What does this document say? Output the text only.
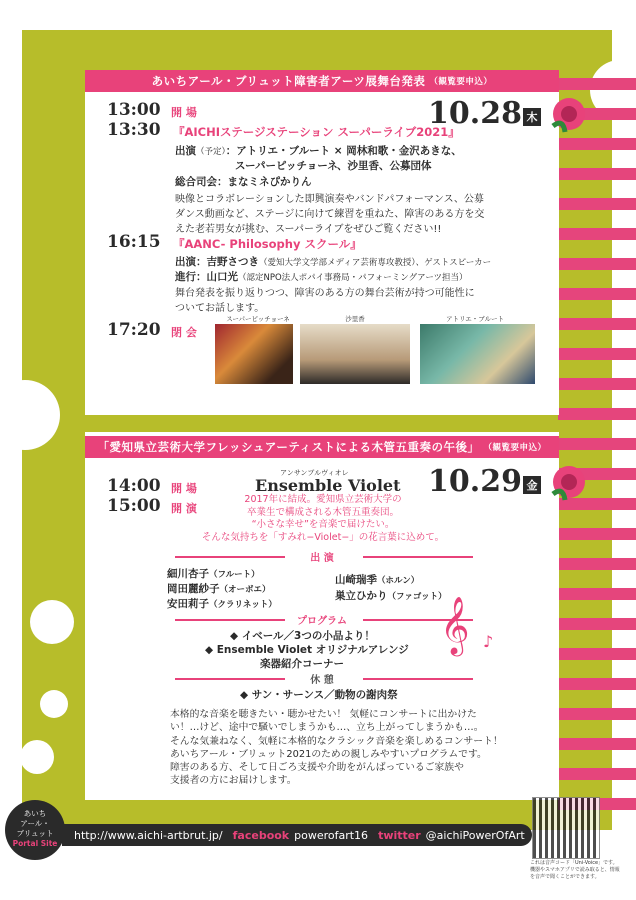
あいちアール・ブリュット障害者アーツ展舞台発表 （観覧要申込）
10.28 木
13:00 開 場
13:30 『AICHIステージステーション スーパーライブ2021』
出演（予定）：アトリエ・ブルート × 岡林和歌・金沢あきな、
スーパーピッチョーネ、沙里香、公募団体
総合司会：まなミネぴかりん
映像とコラボレーションした即興演奏やバンドパフォーマンス、公募
ダンス動画など、ステージに向けて練習を重ねた、障害のある方を交
えた老若男女が挑む、スーパーライブをぜひご覧ください!!
16:15 『AANC- Philosophy スクール』
出演：吉野さつき（愛知大学文学部メディア芸術専攻教授）、ゲストスピーカー
進行：山口光（認定NPO法人ポパイ事務局・パフォーミングアーツ担当）
舞台発表を振り返りつつ、障害のある方の舞台芸術が持つ可能性に
ついてお話します。
17:20 閉 会
スーパーピッチョーネ	沙里香	アトリエ・ブルート
「愛知県立芸術大学フレッシュアーティストによる木管五重奏の午後」 （観覧要申込）
10.29 金
14:00 開 場
15:00 開 演
アンサンブルヴィオレ
Ensemble Violet
2017年に結成。愛知県立芸術大学の
卒業生で構成される木管五重奏団。
“小さな幸せ”を音楽で届けたい。
そんな気持ちを「すみれ−Violet−」の花言葉に込めて。
出 演
細川杏子（フルート）
岡田麗紗子（オーボエ）
安田莉子（クラリネット）
山崎瑞季（ホルン）
巣立ひかり（ファゴット）
プログラム
◆ イベール／3つの小品より！
◆ Ensemble Violet オリジナルアレンジ
楽器紹介コーナー
𝄞 ♪
休 憩
◆ サン・サーンス／動物の謝肉祭
本格的な音楽を聴きたい・聴かせたい！ 気軽にコンサートに出かけた
い！…けど、途中で騒いでしまうかも…、立ち上がってしまうかも…。
そんな気兼ねなく、気軽に本格的なクラシック音楽を楽しめるコンサート！
あいちアール・ブリュット2021のための親しみやすいプログラムです。
障害のある方、そして日ごろ支援や介助をがんばっているご家族や
支援者の方にお届けします。
あいち
アール・
ブリュット
Portal Site
http://www.aichi-artbrut.jp/ facebook powerofart16 twitter @aichiPowerOfArt
これは音声コード「Uni-Voice」です。機器やスマホアプリで読み取ると、情報を音声で聞くことができます。
